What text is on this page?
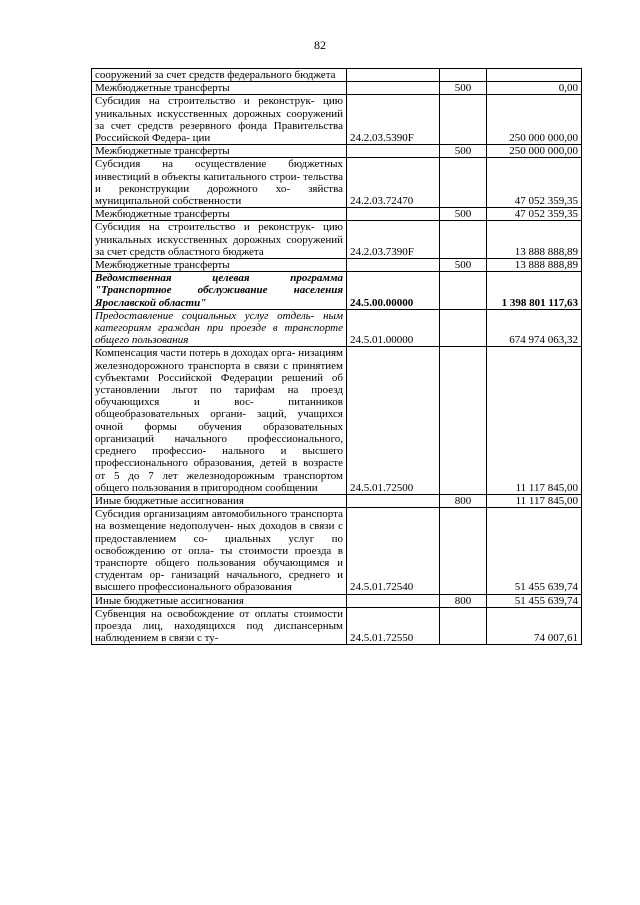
82
сооружений за счет средств федерального бюджета			
Межбюджетные трансферты		500	0,00
Субсидия на строительство и реконструк- цию уникальных искусственных дорожных сооружений за счет средств резервного фонда Правительства Российской Федера- ции	24.2.03.5390F		250 000 000,00
Межбюджетные трансферты		500	250 000 000,00
Субсидия на осуществление бюджетных инвестиций в объекты капитального строи- тельства и реконструкции дорожного хо- зяйства муниципальной собственности	24.2.03.72470		47 052 359,35
Межбюджетные трансферты		500	47 052 359,35
Субсидия на строительство и реконструк- цию уникальных искусственных дорожных сооружений за счет средств областного бюджета	24.2.03.7390F		13 888 888,89
Межбюджетные трансферты		500	13 888 888,89
Ведомственная целевая программа "Транспортное обслуживание населения Ярославской области"	24.5.00.00000		1 398 801 117,63
Предоставление социальных услуг отдель- ным категориям граждан при проезде в транспорте общего пользования	24.5.01.00000		674 974 063,32
Компенсация части потерь в доходах орга- низациям железнодорожного транспорта в связи с принятием субъектами Российской Федерации решений об установлении льгот по тарифам на проезд обучающихся и вос- питанников общеобразовательных органи- заций, учащихся очной формы обучения образовательных организаций начального профессионального, среднего профессио- нального и высшего профессионального образования, детей в возрасте от 5 до 7 лет железнодорожным транспортом общего пользования в пригородном сообщении	24.5.01.72500		11 117 845,00
Иные бюджетные ассигнования		800	11 117 845,00
Субсидия организациям автомобильного транспорта на возмещение недополучен- ных доходов в связи с предоставлением со- циальных услуг по освобождению от опла- ты стоимости проезда в транспорте общего пользования обучающимся и студентам ор- ганизаций начального, среднего и высшего профессионального образования	24.5.01.72540		51 455 639,74
Иные бюджетные ассигнования		800	51 455 639,74
Субвенция на освобождение от оплаты стоимости проезда лиц, находящихся под диспансерным наблюдением в связи с ту-	24.5.01.72550		74 007,61
